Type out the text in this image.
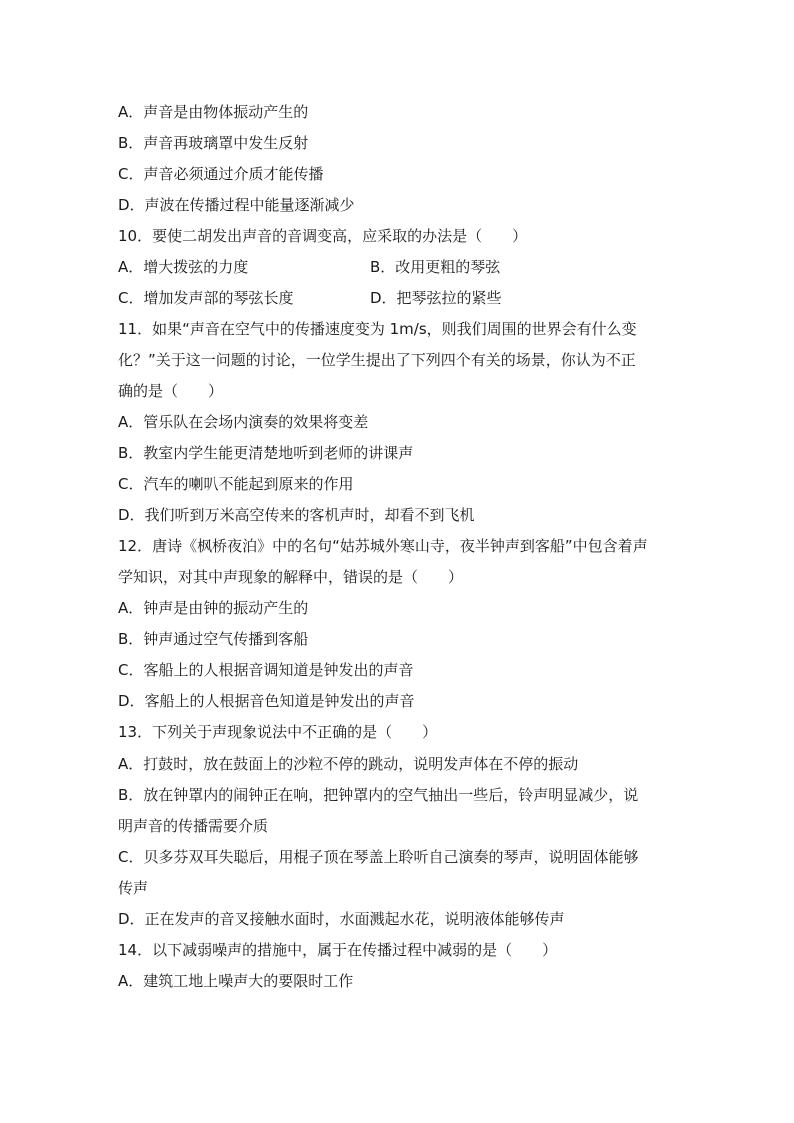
A．声音是由物体振动产生的
B．声音再玻璃罩中发生反射
C．声音必须通过介质才能传播
D．声波在传播过程中能量逐渐减少
10．要使二胡发出声音的音调变高，应采取的办法是（　　）
A．增大拨弦的力度	B．改用更粗的琴弦
C．增加发声部的琴弦长度	D．把琴弦拉的紧些
11．如果“声音在空气中的传播速度变为 1m/s，则我们周围的世界会有什么变
化？”关于这一问题的讨论，一位学生提出了下列四个有关的场景，你认为不正
确的是（　　）
A．管乐队在会场内演奏的效果将变差
B．教室内学生能更清楚地听到老师的讲课声
C．汽车的喇叭不能起到原来的作用
D．我们听到万米高空传来的客机声时，却看不到飞机
12．唐诗《枫桥夜泊》中的名句“姑苏城外寒山寺，夜半钟声到客船”中包含着声
学知识，对其中声现象的解释中，错误的是（　　）
A．钟声是由钟的振动产生的
B．钟声通过空气传播到客船
C．客船上的人根据音调知道是钟发出的声音
D．客船上的人根据音色知道是钟发出的声音
13．下列关于声现象说法中不正确的是（　　）
A．打鼓时，放在鼓面上的沙粒不停的跳动，说明发声体在不停的振动
B．放在钟罩内的闹钟正在响，把钟罩内的空气抽出一些后，铃声明显减少，说
明声音的传播需要介质
C．贝多芬双耳失聪后，用棍子顶在琴盖上聆听自己演奏的琴声，说明固体能够
传声
D．正在发声的音叉接触水面时，水面溅起水花，说明液体能够传声
14．以下减弱噪声的措施中，属于在传播过程中减弱的是（　　）
A．建筑工地上噪声大的要限时工作
